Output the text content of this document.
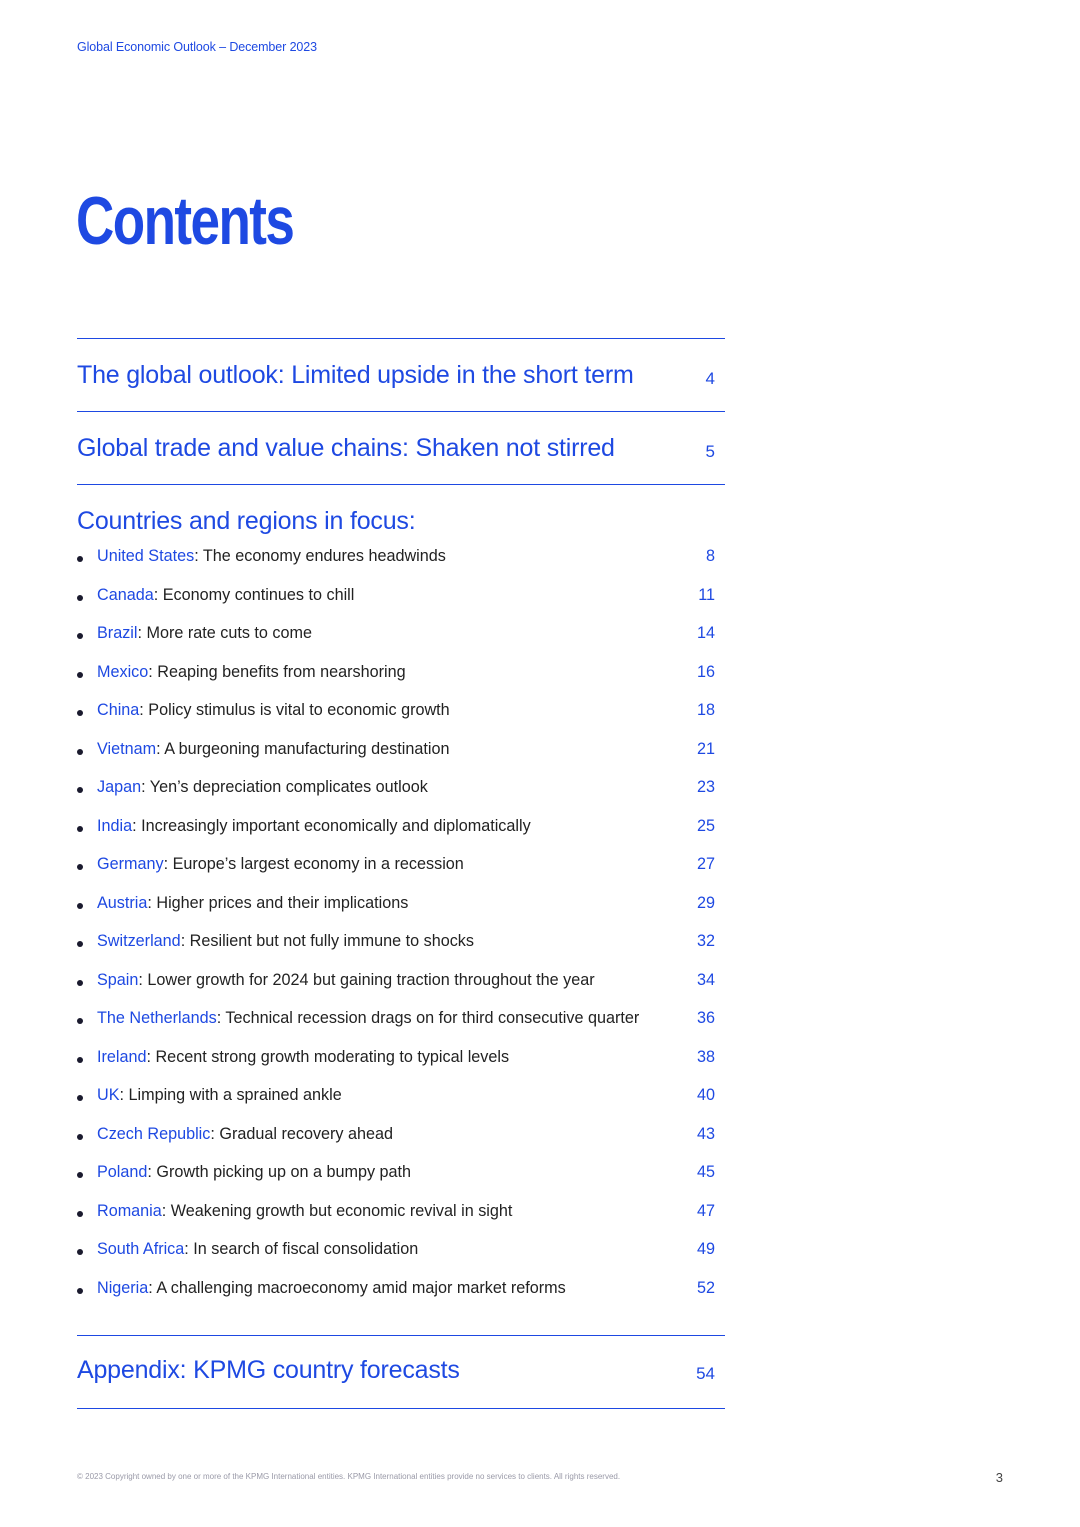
Global Economic Outlook – December 2023
Contents
The global outlook: Limited upside in the short term	4
Global trade and value chains: Shaken not stirred	5
Countries and regions in focus:
United States: The economy endures headwinds	8
Canada: Economy continues to chill	11
Brazil: More rate cuts to come	14
Mexico: Reaping benefits from nearshoring	16
China: Policy stimulus is vital to economic growth	18
Vietnam: A burgeoning manufacturing destination	21
Japan: Yen’s depreciation complicates outlook	23
India: Increasingly important economically and diplomatically	25
Germany: Europe’s largest economy in a recession	27
Austria: Higher prices and their implications	29
Switzerland: Resilient but not fully immune to shocks	32
Spain: Lower growth for 2024 but gaining traction throughout the year	34
The Netherlands: Technical recession drags on for third consecutive quarter	36
Ireland: Recent strong growth moderating to typical levels	38
UK: Limping with a sprained ankle	40
Czech Republic: Gradual recovery ahead	43
Poland: Growth picking up on a bumpy path	45
Romania: Weakening growth but economic revival in sight	47
South Africa: In search of fiscal consolidation	49
Nigeria: A challenging macroeconomy amid major market reforms	52
Appendix: KPMG country forecasts	54
© 2023 Copyright owned by one or more of the KPMG International entities. KPMG International entities provide no services to clients. All rights reserved.	3
